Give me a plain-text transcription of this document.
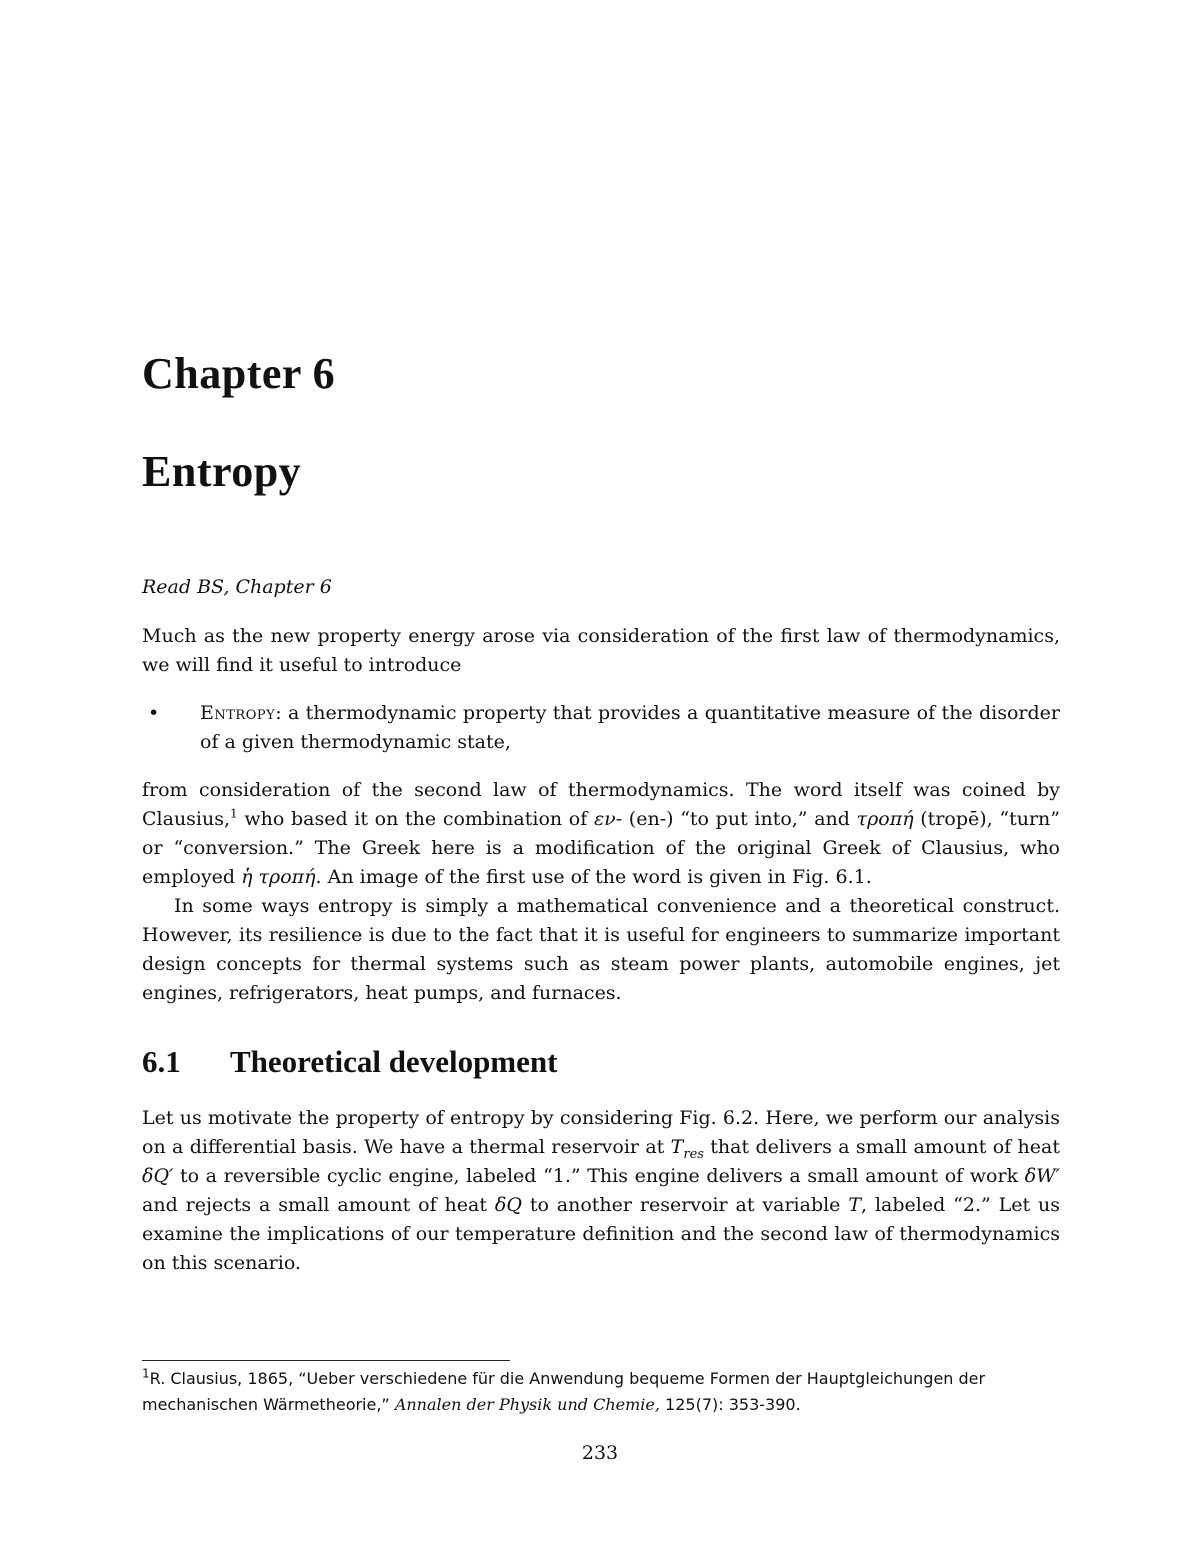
Chapter 6
Entropy

Read BS, Chapter 6

Much as the new property energy arose via consideration of the first law of thermodynamics, we will find it useful to introduce

•	Entropy: a thermodynamic property that provides a quantitative measure of the disorder of a given thermodynamic state,
from consideration of the second law of thermodynamics. The word itself was coined by Clausius,$^1$ who based it on the combination of εν- (en-) “to put into,” and τροπή (tropē), “turn” or “conversion.” The Greek here is a modification of the original Greek of Clausius, who employed ἡ τροπή. An image of the first use of the word is given in Fig. 6.1.
In some ways entropy is simply a mathematical convenience and a theoretical construct. However, its resilience is due to the fact that it is useful for engineers to summarize important design concepts for thermal systems such as steam power plants, automobile engines, jet engines, refrigerators, heat pumps, and furnaces.
6.1 Theoretical development

Let us motivate the property of entropy by considering Fig. 6.2. Here, we perform our analysis on a differential basis. We have a thermal reservoir at $T_{res}$ that delivers a small amount of heat δQ′ to a reversible cyclic engine, labeled “1.” This engine delivers a small amount of work δW′ and rejects a small amount of heat δQ to another reservoir at variable T, labeled “2.” Let us examine the implications of our temperature definition and the second law of thermodynamics on this scenario.

$^1$R. Clausius, 1865, “Ueber verschiedene für die Anwendung bequeme Formen der Hauptgleichungen der mechanischen Wärmetheorie,” Annalen der Physik und Chemie, 125(7): 353-390.

233
